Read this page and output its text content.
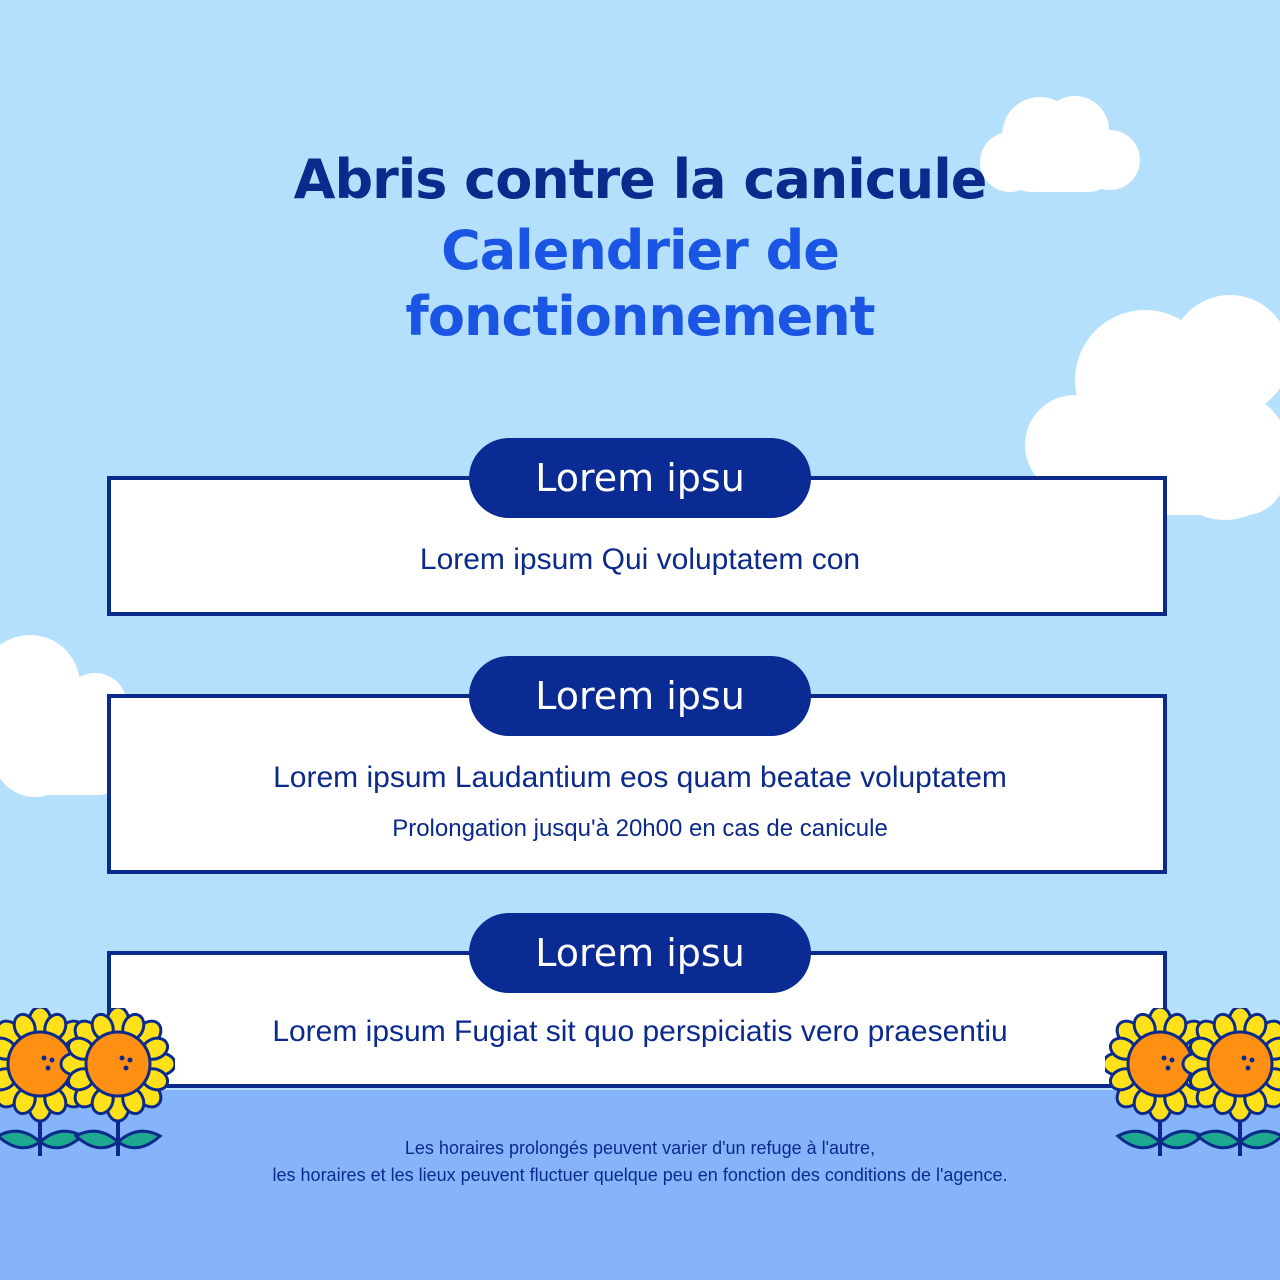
Abris contre la canicule
Calendrier de
fonctionnement
Lorem ipsu
Lorem ipsum Qui voluptatem con
Lorem ipsu
Lorem ipsum Laudantium eos quam beatae voluptatem
Prolongation jusqu'à 20h00 en cas de canicule
Lorem ipsu
Lorem ipsum Fugiat sit quo perspiciatis vero praesentiu
Les horaires prolongés peuvent varier d'un refuge à l'autre,
les horaires et les lieux peuvent fluctuer quelque peu en fonction des conditions de l'agence.
